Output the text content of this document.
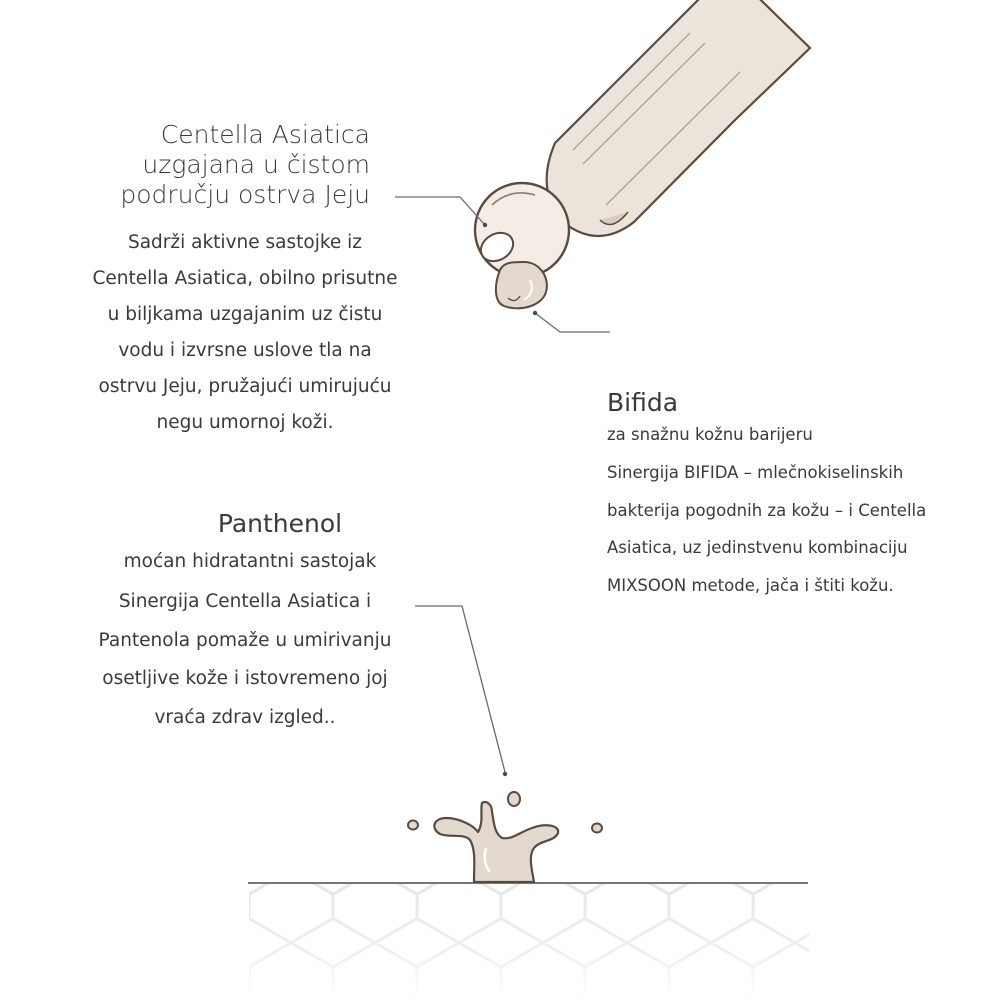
Centella Asiatica
uzgajana u čistom
području ostrva Jeju
Sadrži aktivne sastojke iz
Centella Asiatica, obilno prisutne
u biljkama uzgajanim uz čistu
vodu i izvrsne uslove tla na
ostrvu Jeju, pružajući umirujuću
negu umornoj koži.
Bifida
za snažnu kožnu barijeru
Sinergija BIFIDA – mlečnokiselinskih
bakterija pogodnih za kožu – i Centella
Asiatica, uz jedinstvenu kombinaciju
MIXSOON metode, jača i štiti kožu.
Panthenol
moćan hidratantni sastojak
Sinergija Centella Asiatica i
Pantenola pomaže u umirivanju
osetljive kože i istovremeno joj
vraća zdrav izgled..
